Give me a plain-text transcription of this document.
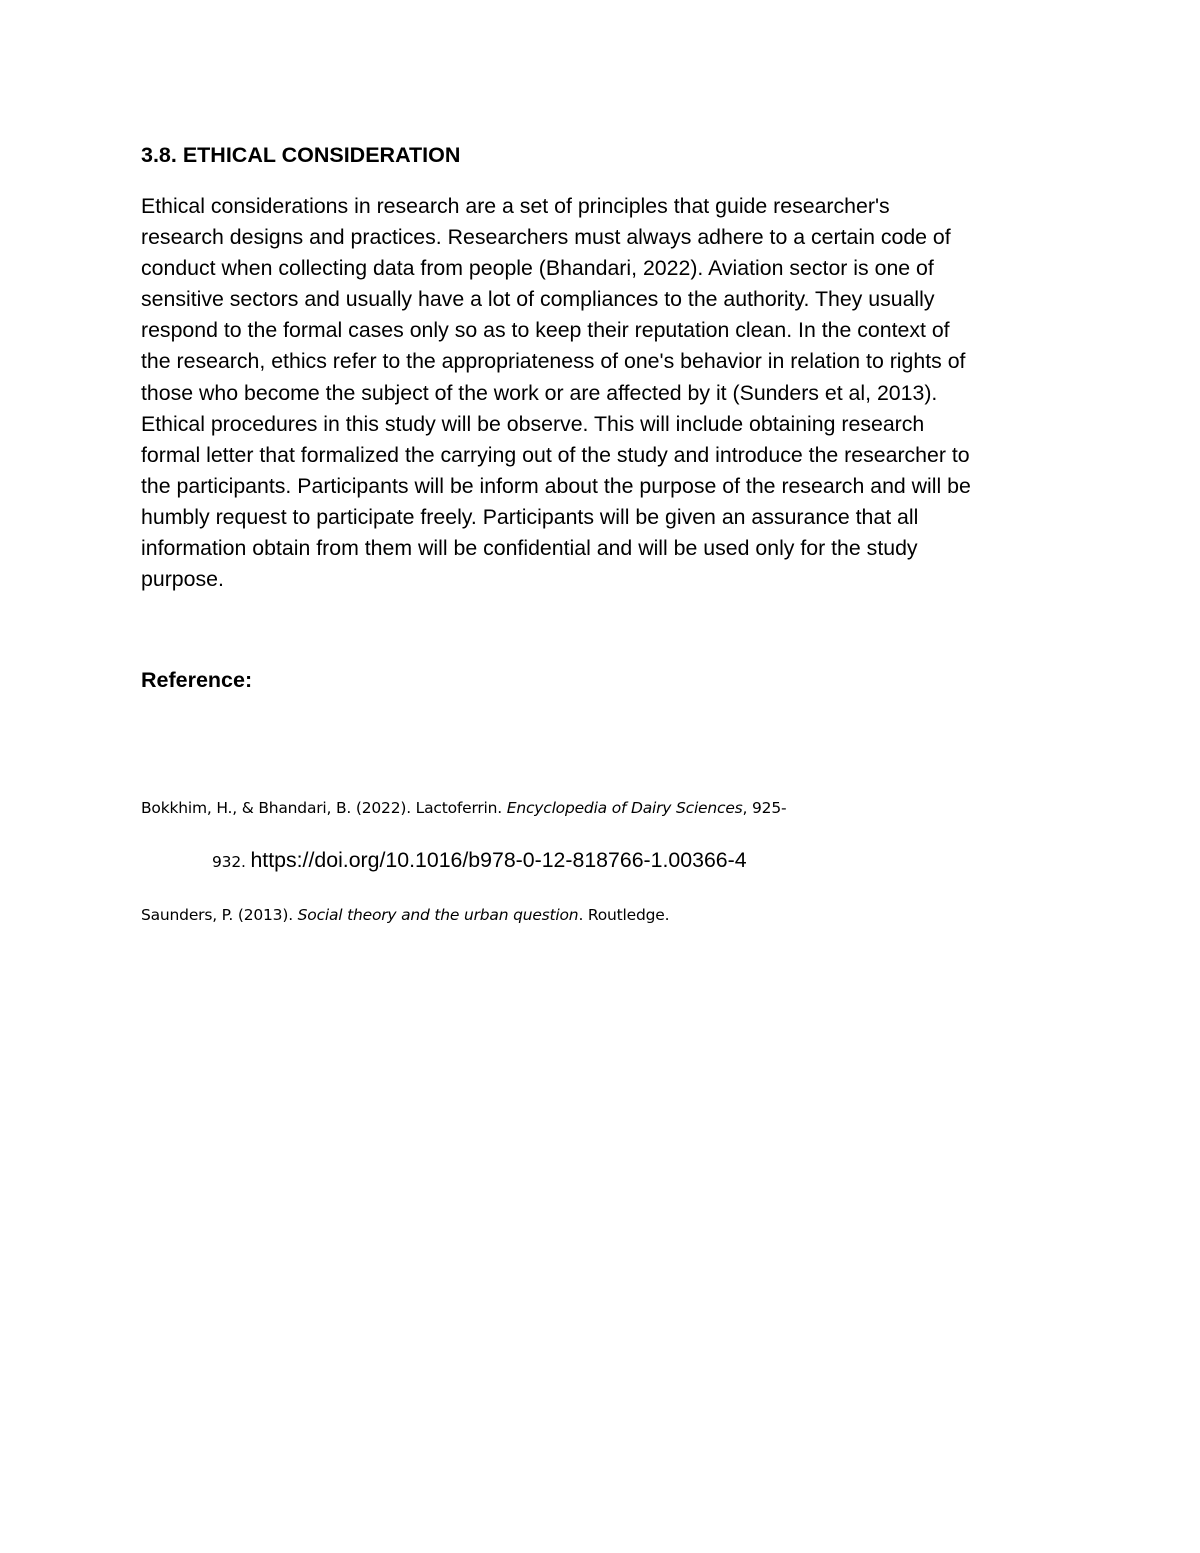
3.8. ETHICAL CONSIDERATION

Ethical considerations in research are a set of principles that guide researcher's
research designs and practices. Researchers must always adhere to a certain code of
conduct when collecting data from people (Bhandari, 2022). Aviation sector is one of
sensitive sectors and usually have a lot of compliances to the authority. They usually
respond to the formal cases only so as to keep their reputation clean. In the context of
the research, ethics refer to the appropriateness of one's behavior in relation to rights of
those who become the subject of the work or are affected by it (Sunders et al, 2013).
Ethical procedures in this study will be observe. This will include obtaining research
formal letter that formalized the carrying out of the study and introduce the researcher to
the participants. Participants will be inform about the purpose of the research and will be
humbly request to participate freely. Participants will be given an assurance that all
information obtain from them will be confidential and will be used only for the study
purpose.

Reference:

Bokkhim, H., & Bhandari, B. (2022). Lactoferrin. Encyclopedia of Dairy Sciences, 925-

932. https://doi.org/10.1016/b978-0-12-818766-1.00366-4

Saunders, P. (2013). Social theory and the urban question. Routledge.
